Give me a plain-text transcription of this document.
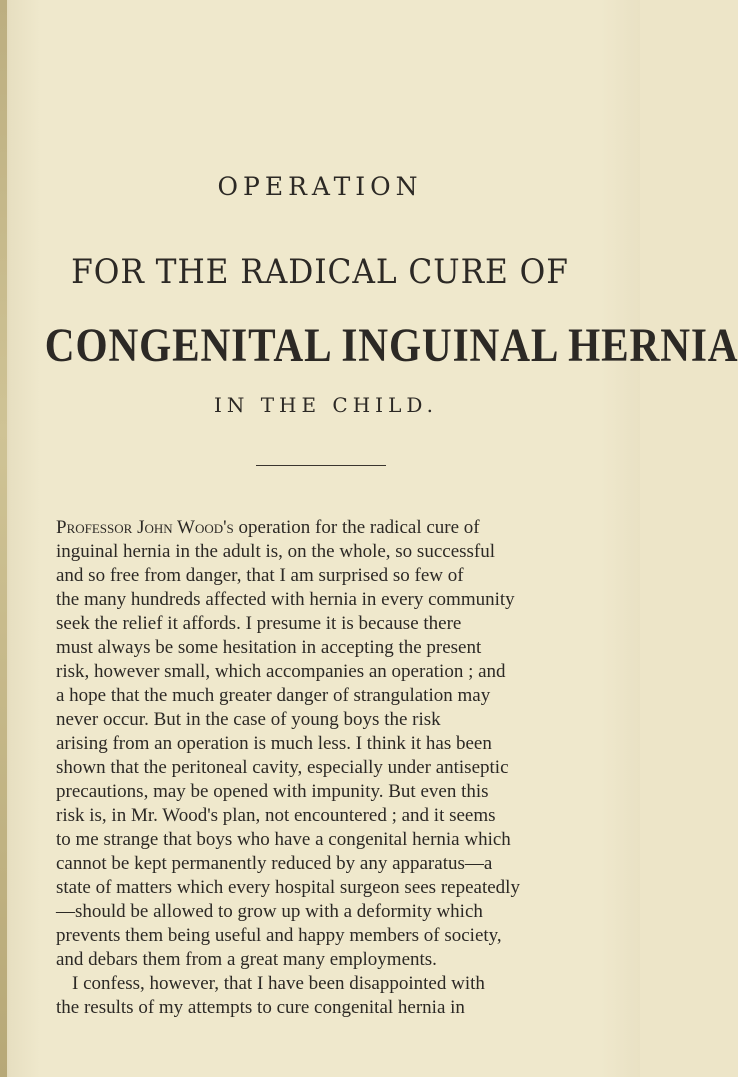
OPERATION

FOR THE RADICAL CURE OF

CONGENITAL INGUINAL HERNIA

IN THE CHILD.

Professor John Wood's operation for the radical cure of
inguinal hernia in the adult is, on the whole, so successful
and so free from danger, that I am surprised so few of
the many hundreds affected with hernia in every community
seek the relief it affords. I presume it is because there
must always be some hesitation in accepting the present
risk, however small, which accompanies an operation ; and
a hope that the much greater danger of strangulation may
never occur. But in the case of young boys the risk
arising from an operation is much less. I think it has been
shown that the peritoneal cavity, especially under antiseptic
precautions, may be opened with impunity. But even this
risk is, in Mr. Wood's plan, not encountered ; and it seems
to me strange that boys who have a congenital hernia which
cannot be kept permanently reduced by any apparatus—a
state of matters which every hospital surgeon sees repeatedly
—should be allowed to grow up with a deformity which
prevents them being useful and happy members of society,
and debars them from a great many employments.
I confess, however, that I have been disappointed with
the results of my attempts to cure congenital hernia in
